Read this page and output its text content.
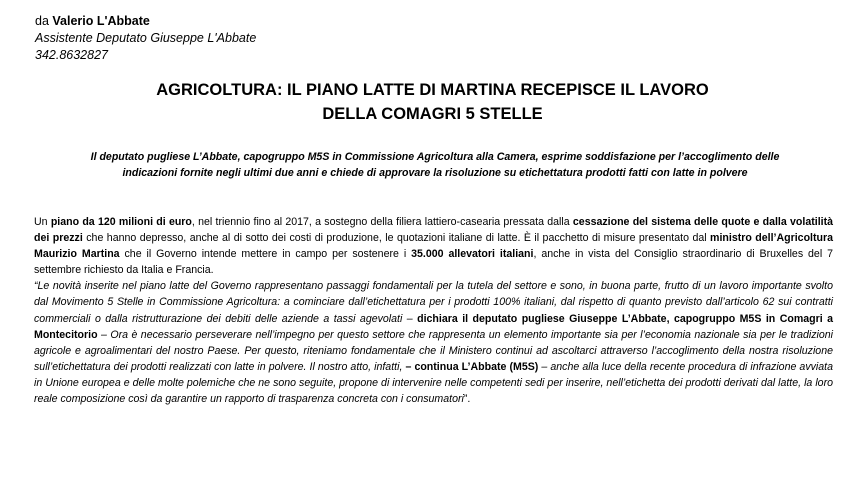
da Valerio L'Abbate
Assistente Deputato Giuseppe L'Abbate
342.8632827
AGRICOLTURA: IL PIANO LATTE DI MARTINA RECEPISCE IL LAVORO
DELLA COMAGRI 5 STELLE
Il deputato pugliese L’Abbate, capogruppo M5S in Commissione Agricoltura alla Camera, esprime soddisfazione per l’accoglimento delle
indicazioni fornite negli ultimi due anni e chiede di approvare la risoluzione su etichettatura prodotti fatti con latte in polvere

Un piano da 120 milioni di euro, nel triennio fino al 2017, a sostegno della filiera lattiero-casearia pressata dalla cessazione del sistema delle quote e dalla volatilità dei prezzi che hanno depresso, anche al di sotto dei costi di produzione, le quotazioni italiane di latte. È il pacchetto di misure presentato dal ministro dell’Agricoltura Maurizio Martina che il Governo intende mettere in campo per sostenere i 35.000 allevatori italiani, anche in vista del Consiglio straordinario di Bruxelles del 7 settembre richiesto da Italia e Francia.

“Le novità inserite nel piano latte del Governo rappresentano passaggi fondamentali per la tutela del settore e sono, in buona parte, frutto di un lavoro importante svolto dal Movimento 5 Stelle in Commissione Agricoltura: a cominciare dall’etichettatura per i prodotti 100% italiani, dal rispetto di quanto previsto dall’articolo 62 sui contratti commerciali o dalla ristrutturazione dei debiti delle aziende a tassi agevolati – dichiara il deputato pugliese Giuseppe L’Abbate, capogruppo M5S in Comagri a Montecitorio – Ora è necessario perseverare nell’impegno per questo settore che rappresenta un elemento importante sia per l’economia nazionale sia per le tradizioni agricole e agroalimentari del nostro Paese. Per questo, riteniamo fondamentale che il Ministero continui ad ascoltarci attraverso l’accoglimento della nostra risoluzione sull’etichettatura dei prodotti realizzati con latte in polvere. Il nostro atto, infatti, – continua L’Abbate (M5S) – anche alla luce della recente procedura di infrazione avviata in Unione europea e delle molte polemiche che ne sono seguite, propone di intervenire nelle competenti sedi per inserire, nell’etichetta dei prodotti derivati dal latte, la loro reale composizione così da garantire un rapporto di trasparenza concreta con i consumatori”.
